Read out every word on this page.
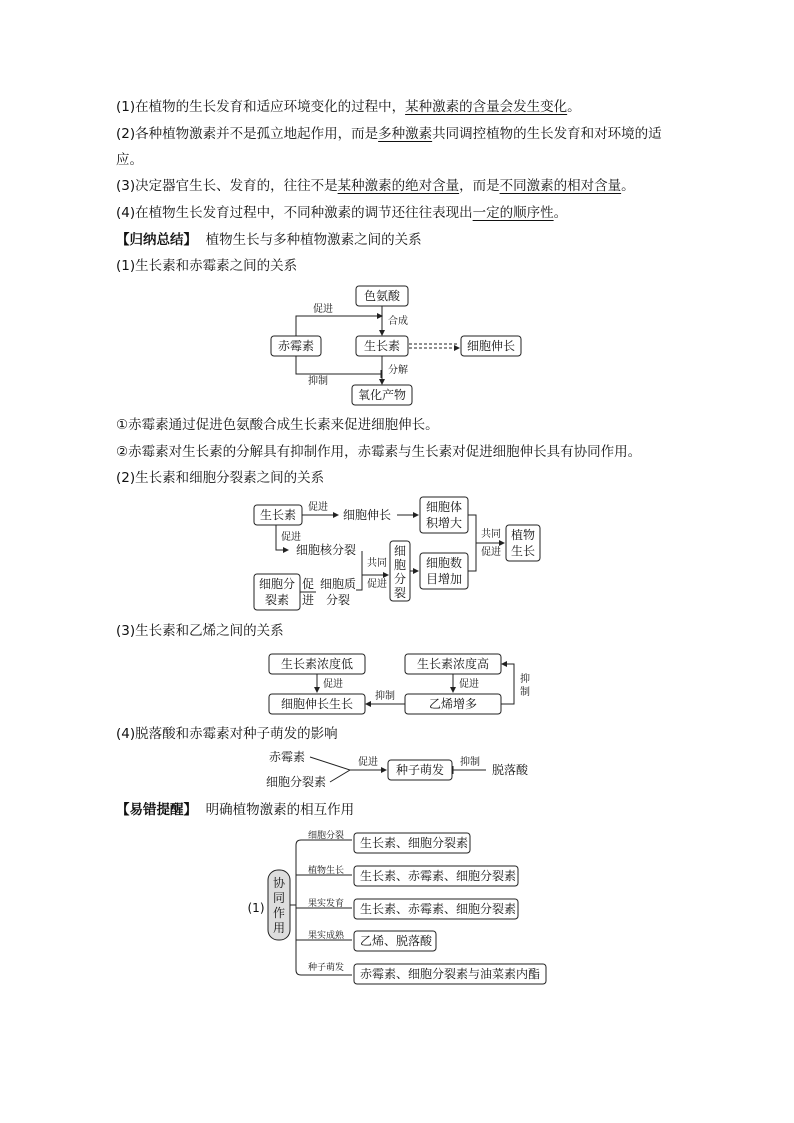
(1)在植物的生长发育和适应环境变化的过程中，某种激素的含量会发生变化。
(2)各种植物激素并不是孤立地起作用，而是多种激素共同调控植物的生长发育和对环境的适
应。
(3)决定器官生长、发育的，往往不是某种激素的绝对含量，而是不同激素的相对含量。
(4)在植物生长发育过程中，不同种激素的调节还往往表现出一定的顺序性。
【归纳总结】 植物生长与多种植物激素之间的关系
(1)生长素和赤霉素之间的关系
①赤霉素通过促进色氨酸合成生长素来促进细胞伸长。
②赤霉素对生长素的分解具有抑制作用，赤霉素与生长素对促进细胞伸长具有协同作用。
(2)生长素和细胞分裂素之间的关系
(3)生长素和乙烯之间的关系
(4)脱落酸和赤霉素对种子萌发的影响
【易错提醒】 明确植物激素的相互作用
色氨酸
赤霉素	生长素	细胞伸长
氧化产物
促进
合成
分解
抑制
生长素
促进
细胞伸长
细胞体
积增大
促进
细胞核分裂
细胞分
裂素
促
进
细胞质
分裂
共同
促进
细
胞
分
裂
细胞数
目增加
共同
促进
植物
生长
生长素浓度低	生长素浓度高
促进	促进
细胞伸长生长	乙烯增多
抑制
抑
制
赤霉素
细胞分裂素
促进
种子萌发
抑制
脱落酸
(1)
协
同
作
用
细胞分裂
植物生长
果实发育
果实成熟
种子萌发
生长素、细胞分裂素
生长素、赤霉素、细胞分裂素
生长素、赤霉素、细胞分裂素
乙烯、脱落酸
赤霉素、细胞分裂素与油菜素内酯
